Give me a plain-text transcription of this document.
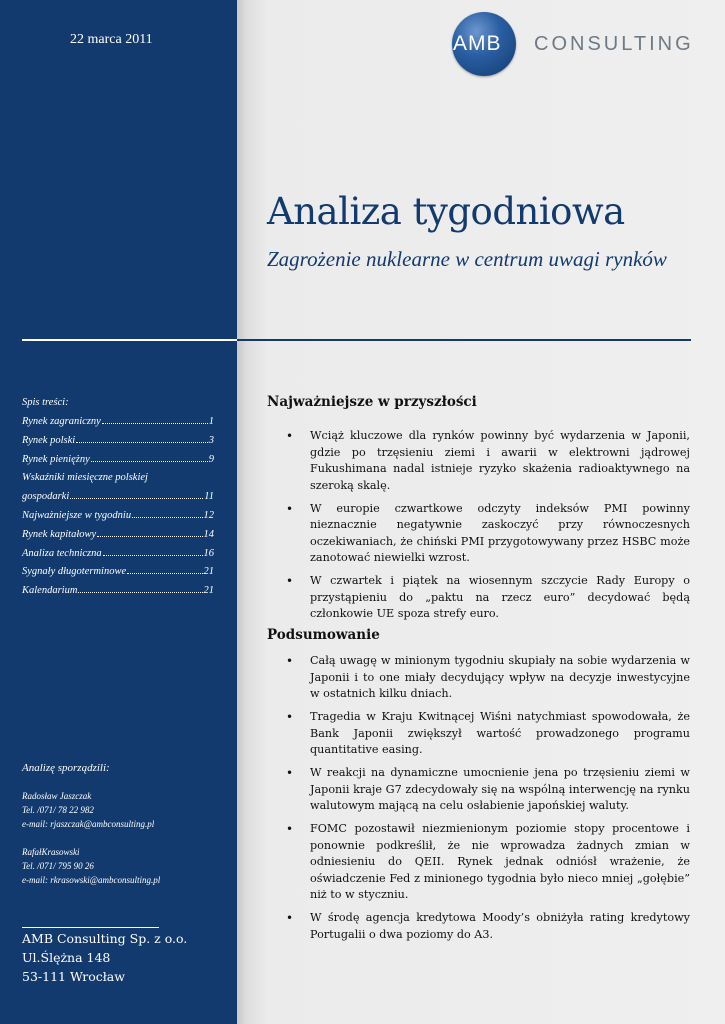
22 marca 2011	AMB	CONSULTING
Analiza tygodniowa
Zagrożenie nuklearne w centrum uwagi rynków
Spis treści:
Rynek zagraniczny	1
Rynek polski	3
Rynek pieniężny	9
Wskaźniki miesięczne polskiej
gospodarki	11
Najważniejsze w tygodniu	12
Rynek kapitałowy	14
Analiza techniczna	16
Sygnały długoterminowe	21
Kalendarium	21
Analizę sporządzili:
Radosław Jaszczak
Tel. /071/ 78 22 982
e-mail: rjaszczak@ambconsulting.pl
RafałKrasowski
Tel. /071/ 795 90 26
e-mail: rkrasowski@ambconsulting.pl
AMB Consulting Sp. z o.o.
Ul.Ślężna 148
53-111 Wrocław
Najważniejsze w przyszłości
• Wciąż kluczowe dla rynków powinny być wydarzenia w Japonii, gdzie po trzęsieniu ziemi i awarii w elektrowni jądrowej Fukushimana nadal istnieje ryzyko skażenia radioaktywnego na szeroką skalę.
• W europie czwartkowe odczyty indeksów PMI powinny nieznacznie negatywnie zaskoczyć przy równoczesnych oczekiwaniach, że chiński PMI przygotowywany przez HSBC może zanotować niewielki wzrost.
• W czwartek i piątek na wiosennym szczycie Rady Europy o przystąpieniu do „paktu na rzecz euro” decydować będą członkowie UE spoza strefy euro.
Podsumowanie
• Całą uwagę w minionym tygodniu skupiały na sobie wydarzenia w Japonii i to one miały decydujący wpływ na decyzje inwestycyjne w ostatnich kilku dniach.
• Tragedia w Kraju Kwitnącej Wiśni natychmiast spowodowała, że Bank Japonii zwiększył wartość prowadzonego programu quantitative easing.
• W reakcji na dynamiczne umocnienie jena po trzęsieniu ziemi w Japonii kraje G7 zdecydowały się na wspólną interwencję na rynku walutowym mającą na celu osłabienie japońskiej waluty.
• FOMC pozostawił niezmienionym poziomie stopy procentowe i ponownie podkreślił, że nie wprowadza żadnych zmian w odniesieniu do QEII. Rynek jednak odniósł wrażenie, że oświadczenie Fed z minionego tygodnia było nieco mniej „gołębie” niż to w styczniu.
• W środę agencja kredytowa Moody’s obniżyła rating kredytowy Portugalii o dwa poziomy do A3.
